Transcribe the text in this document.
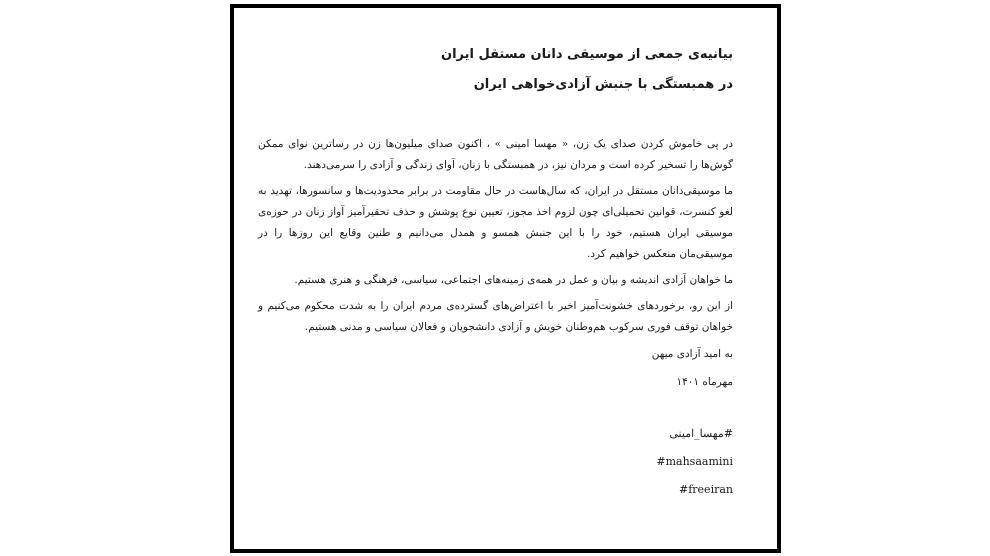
بیانیه‌ی جمعی از موسیقی دانان مستقل ایران
در همبستگی با جنبش آزادی‌خواهی ایران

در پی خاموش کردن صدای یک زن، « مهسا امینی » ، اکنون صدای میلیون‌ها زن در رساترین نوای ممکن گوش‌ها را تسخیر کرده است و مردان نیز، در همبستگی با زنان، آوای زندگی و آزادی را سرمی‌دهند.

ما موسیقی‌دانان مستقل در ایران، که سال‌هاست در حال مقاومت در برابر محدودیت‌ها و سانسورها، تهدید به لغو کنسرت، قوانین تحمیلی‌ای چون لزوم اخذ مجوز، تعیین نوع پوشش و حذف تحقیرآمیز آواز زنان در حوزه‌ی موسیقی ایران هستیم، خود را با این جنبش همسو و همدل می‌دانیم و طنین وقایع این روزها را در موسیقی‌مان منعکس خواهیم کرد.

ما خواهان آزادی اندیشه و بیان و عمل در همه‌ی زمینه‌های اجتماعی، سیاسی، فرهنگی و هنری هستیم.

از این رو، برخوردهای خشونت‌آمیز اخیر با اعتراض‌های گسترده‌ی مردم ایران را به شدت محکوم می‌کنیم و خواهان توقف فوری سرکوب هم‌وطنان خویش و آزادی دانشجویان و فعالان سیاسی و مدنی هستیم.

به امید آزادی میهن

مهرماه ۱۴۰۱

#مهسا_امینی

#mahsaamini

#freeiran
